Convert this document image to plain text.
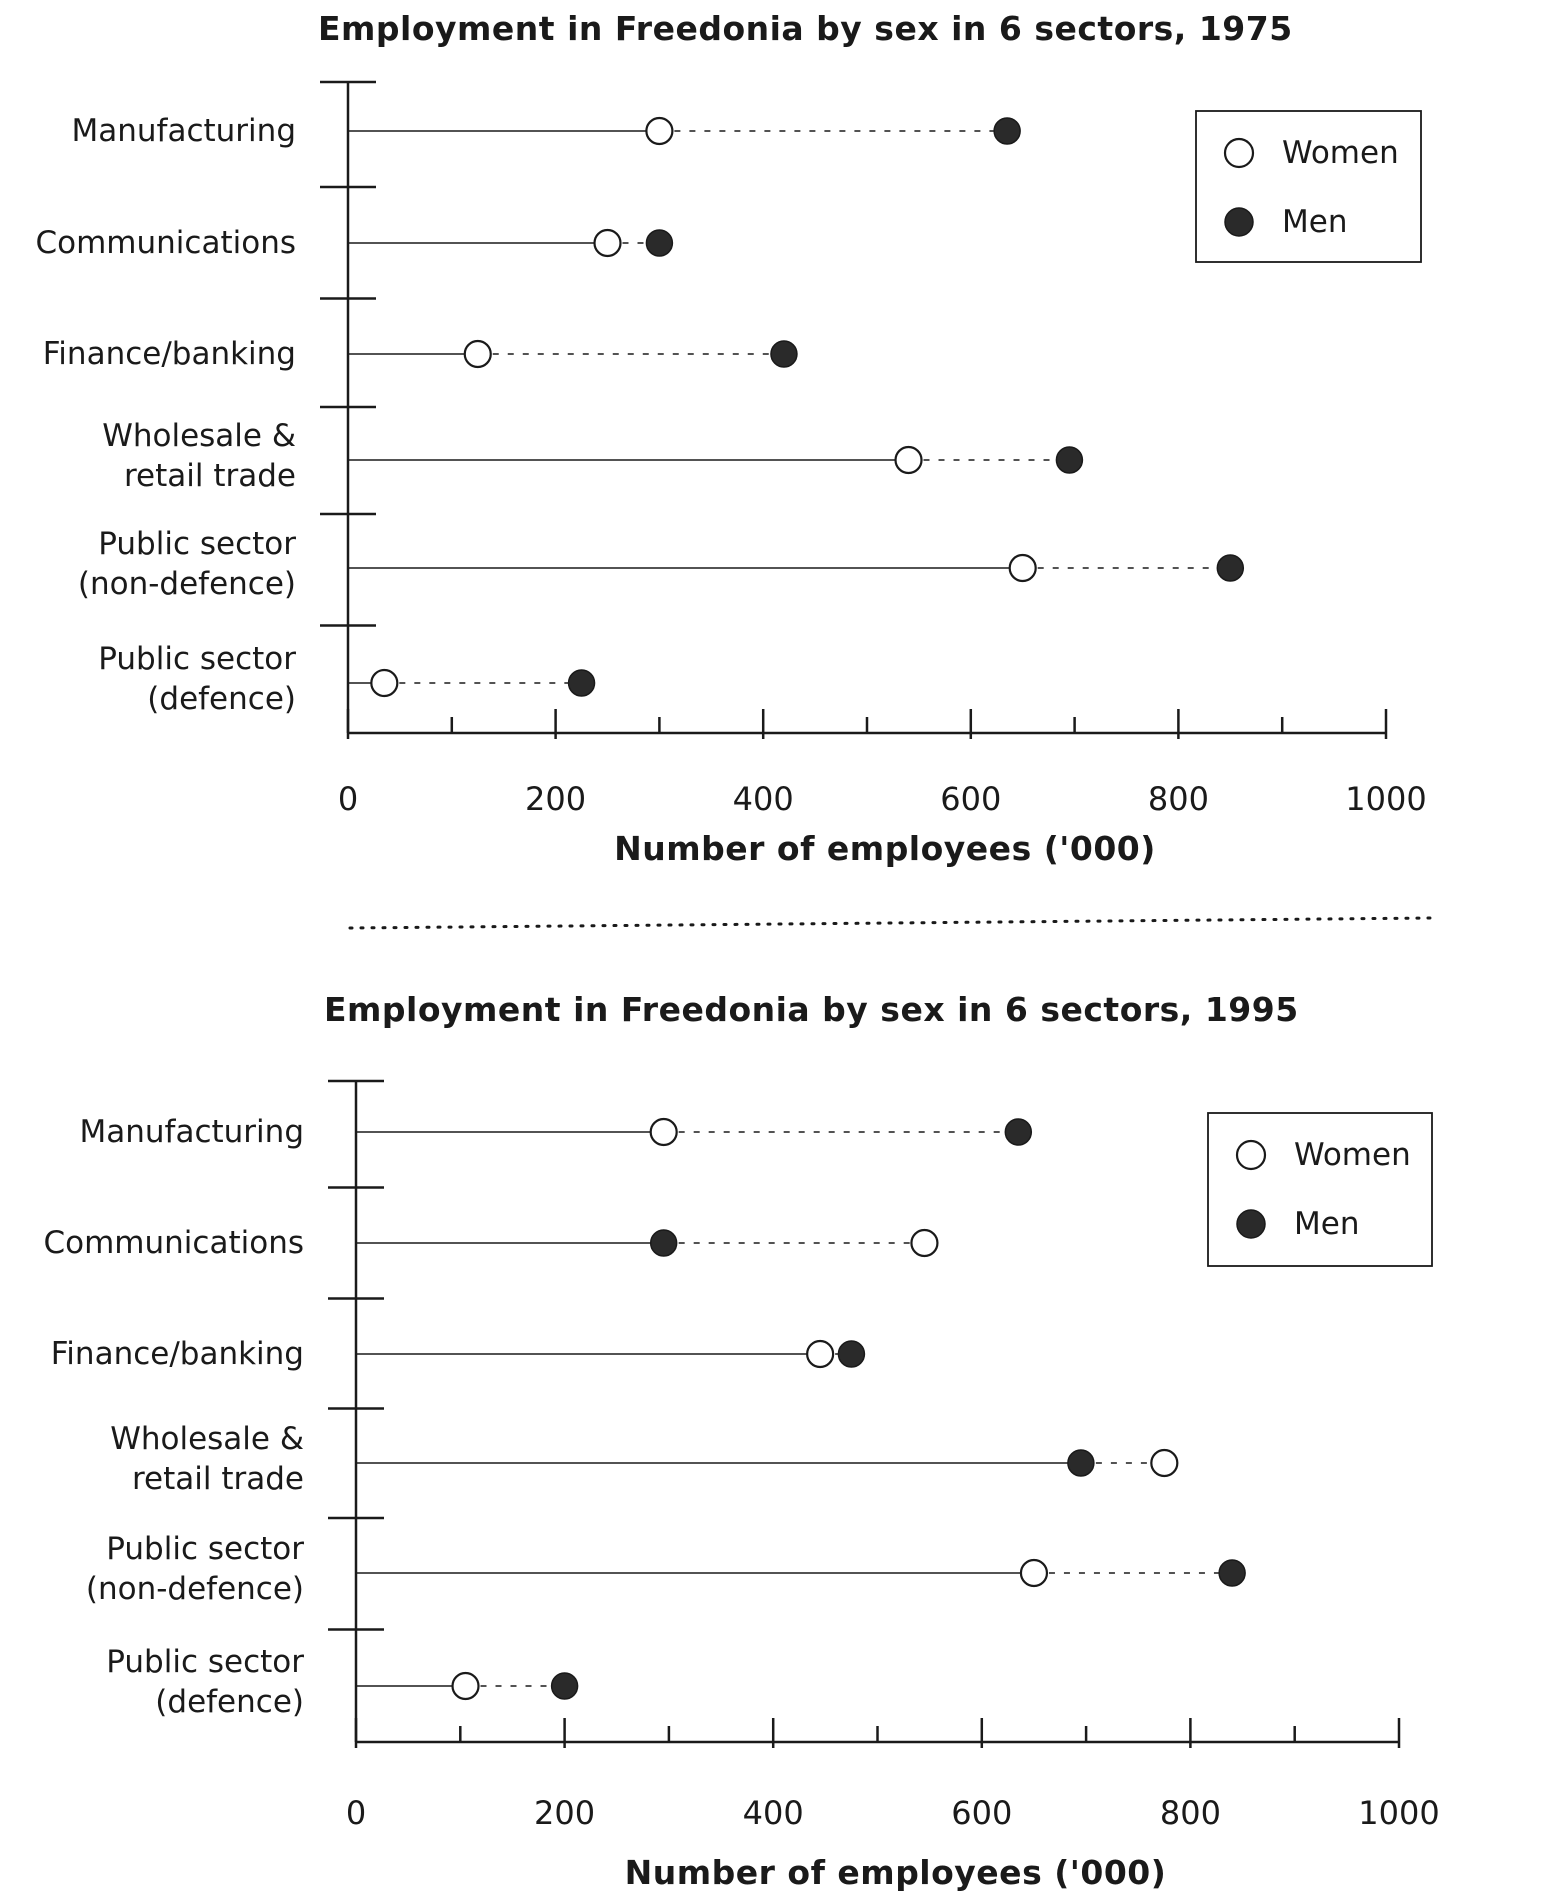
Employment in Freedonia by sex in 6 sectors, 1975
0	200	400	600	800	1000
Number of employees ('000)
Manufacturing
Communications
Finance/banking
Wholesale & retail trade
Public sector (non-defence)
Public sector (defence)
Women
Men
Employment in Freedonia by sex in 6 sectors, 1995
0	200	400	600	800	1000
Number of employees ('000)
Manufacturing
Communications
Finance/banking
Wholesale & retail trade
Public sector (non-defence)
Public sector (defence)
Women
Men
